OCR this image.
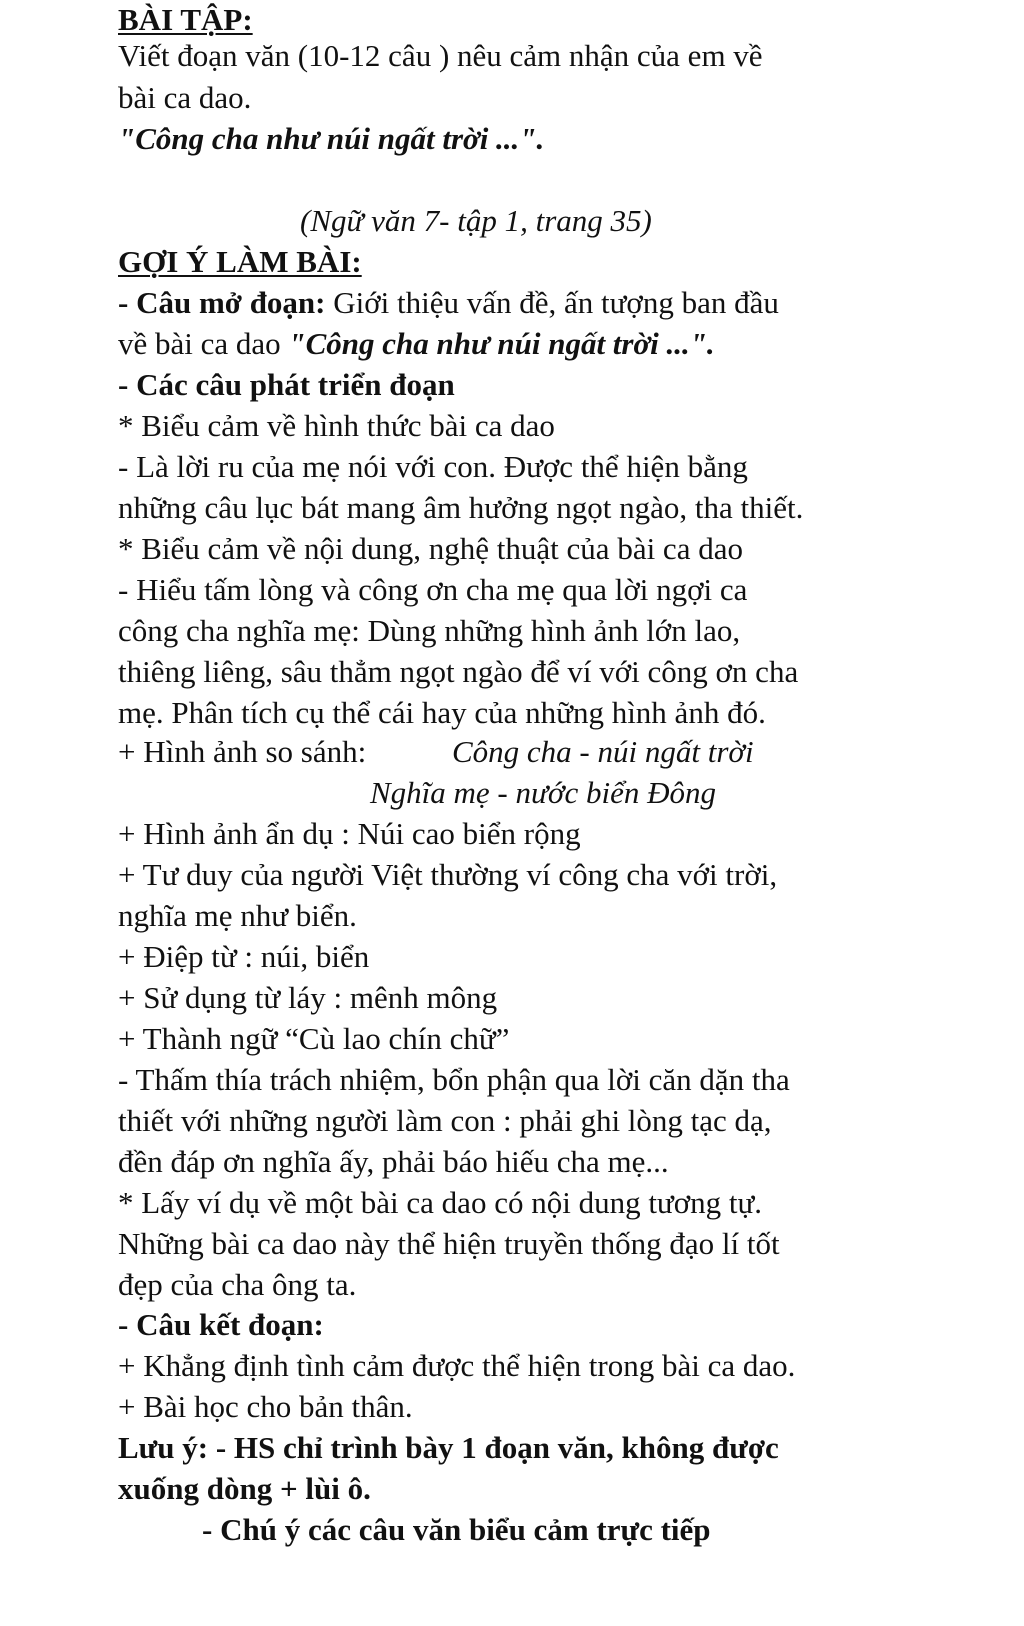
BÀI TẬP:
Viết đoạn văn (10-12 câu ) nêu cảm nhận của em về
bài ca dao.
"Công cha như núi ngất trời ...".
(Ngữ văn 7- tập 1, trang 35)
GỢI Ý LÀM BÀI:
- Câu mở đoạn: Giới thiệu vấn đề, ấn tượng ban đầu
về bài ca dao "Công cha như núi ngất trời ...".
- Các câu phát triển đoạn
* Biểu cảm về hình thức bài ca dao
- Là lời ru của mẹ nói với con. Được thể hiện bằng
những câu lục bát mang âm hưởng ngọt ngào, tha thiết.
* Biểu cảm về nội dung, nghệ thuật của bài ca dao
- Hiểu tấm lòng và công ơn cha mẹ qua lời ngợi ca
công cha nghĩa mẹ: Dùng những hình ảnh lớn lao,
thiêng liêng, sâu thẳm ngọt ngào để ví với công ơn cha
mẹ. Phân tích cụ thể cái hay của những hình ảnh đó.
+ Hình ảnh so sánh:	Công cha - núi ngất trời
Nghĩa mẹ - nước biển Đông
+ Hình ảnh ẩn dụ : Núi cao biển rộng
+ Tư duy của người Việt thường ví công cha với trời,
nghĩa mẹ như biển.
+ Điệp từ : núi, biển
+ Sử dụng từ láy : mênh mông
+ Thành ngữ “Cù lao chín chữ”
- Thấm thía trách nhiệm, bổn phận qua lời căn dặn tha
thiết với những người làm con : phải ghi lòng tạc dạ,
đền đáp ơn nghĩa ấy, phải báo hiếu cha mẹ...
* Lấy ví dụ về một bài ca dao có nội dung tương tự.
Những bài ca dao này thể hiện truyền thống đạo lí tốt
đẹp của cha ông ta.
- Câu kết đoạn:
+ Khẳng định tình cảm được thể hiện trong bài ca dao.
+ Bài học cho bản thân.
Lưu ý: - HS chỉ trình bày 1 đoạn văn, không được
xuống dòng + lùi ô.
- Chú ý các câu văn biểu cảm trực tiếp
